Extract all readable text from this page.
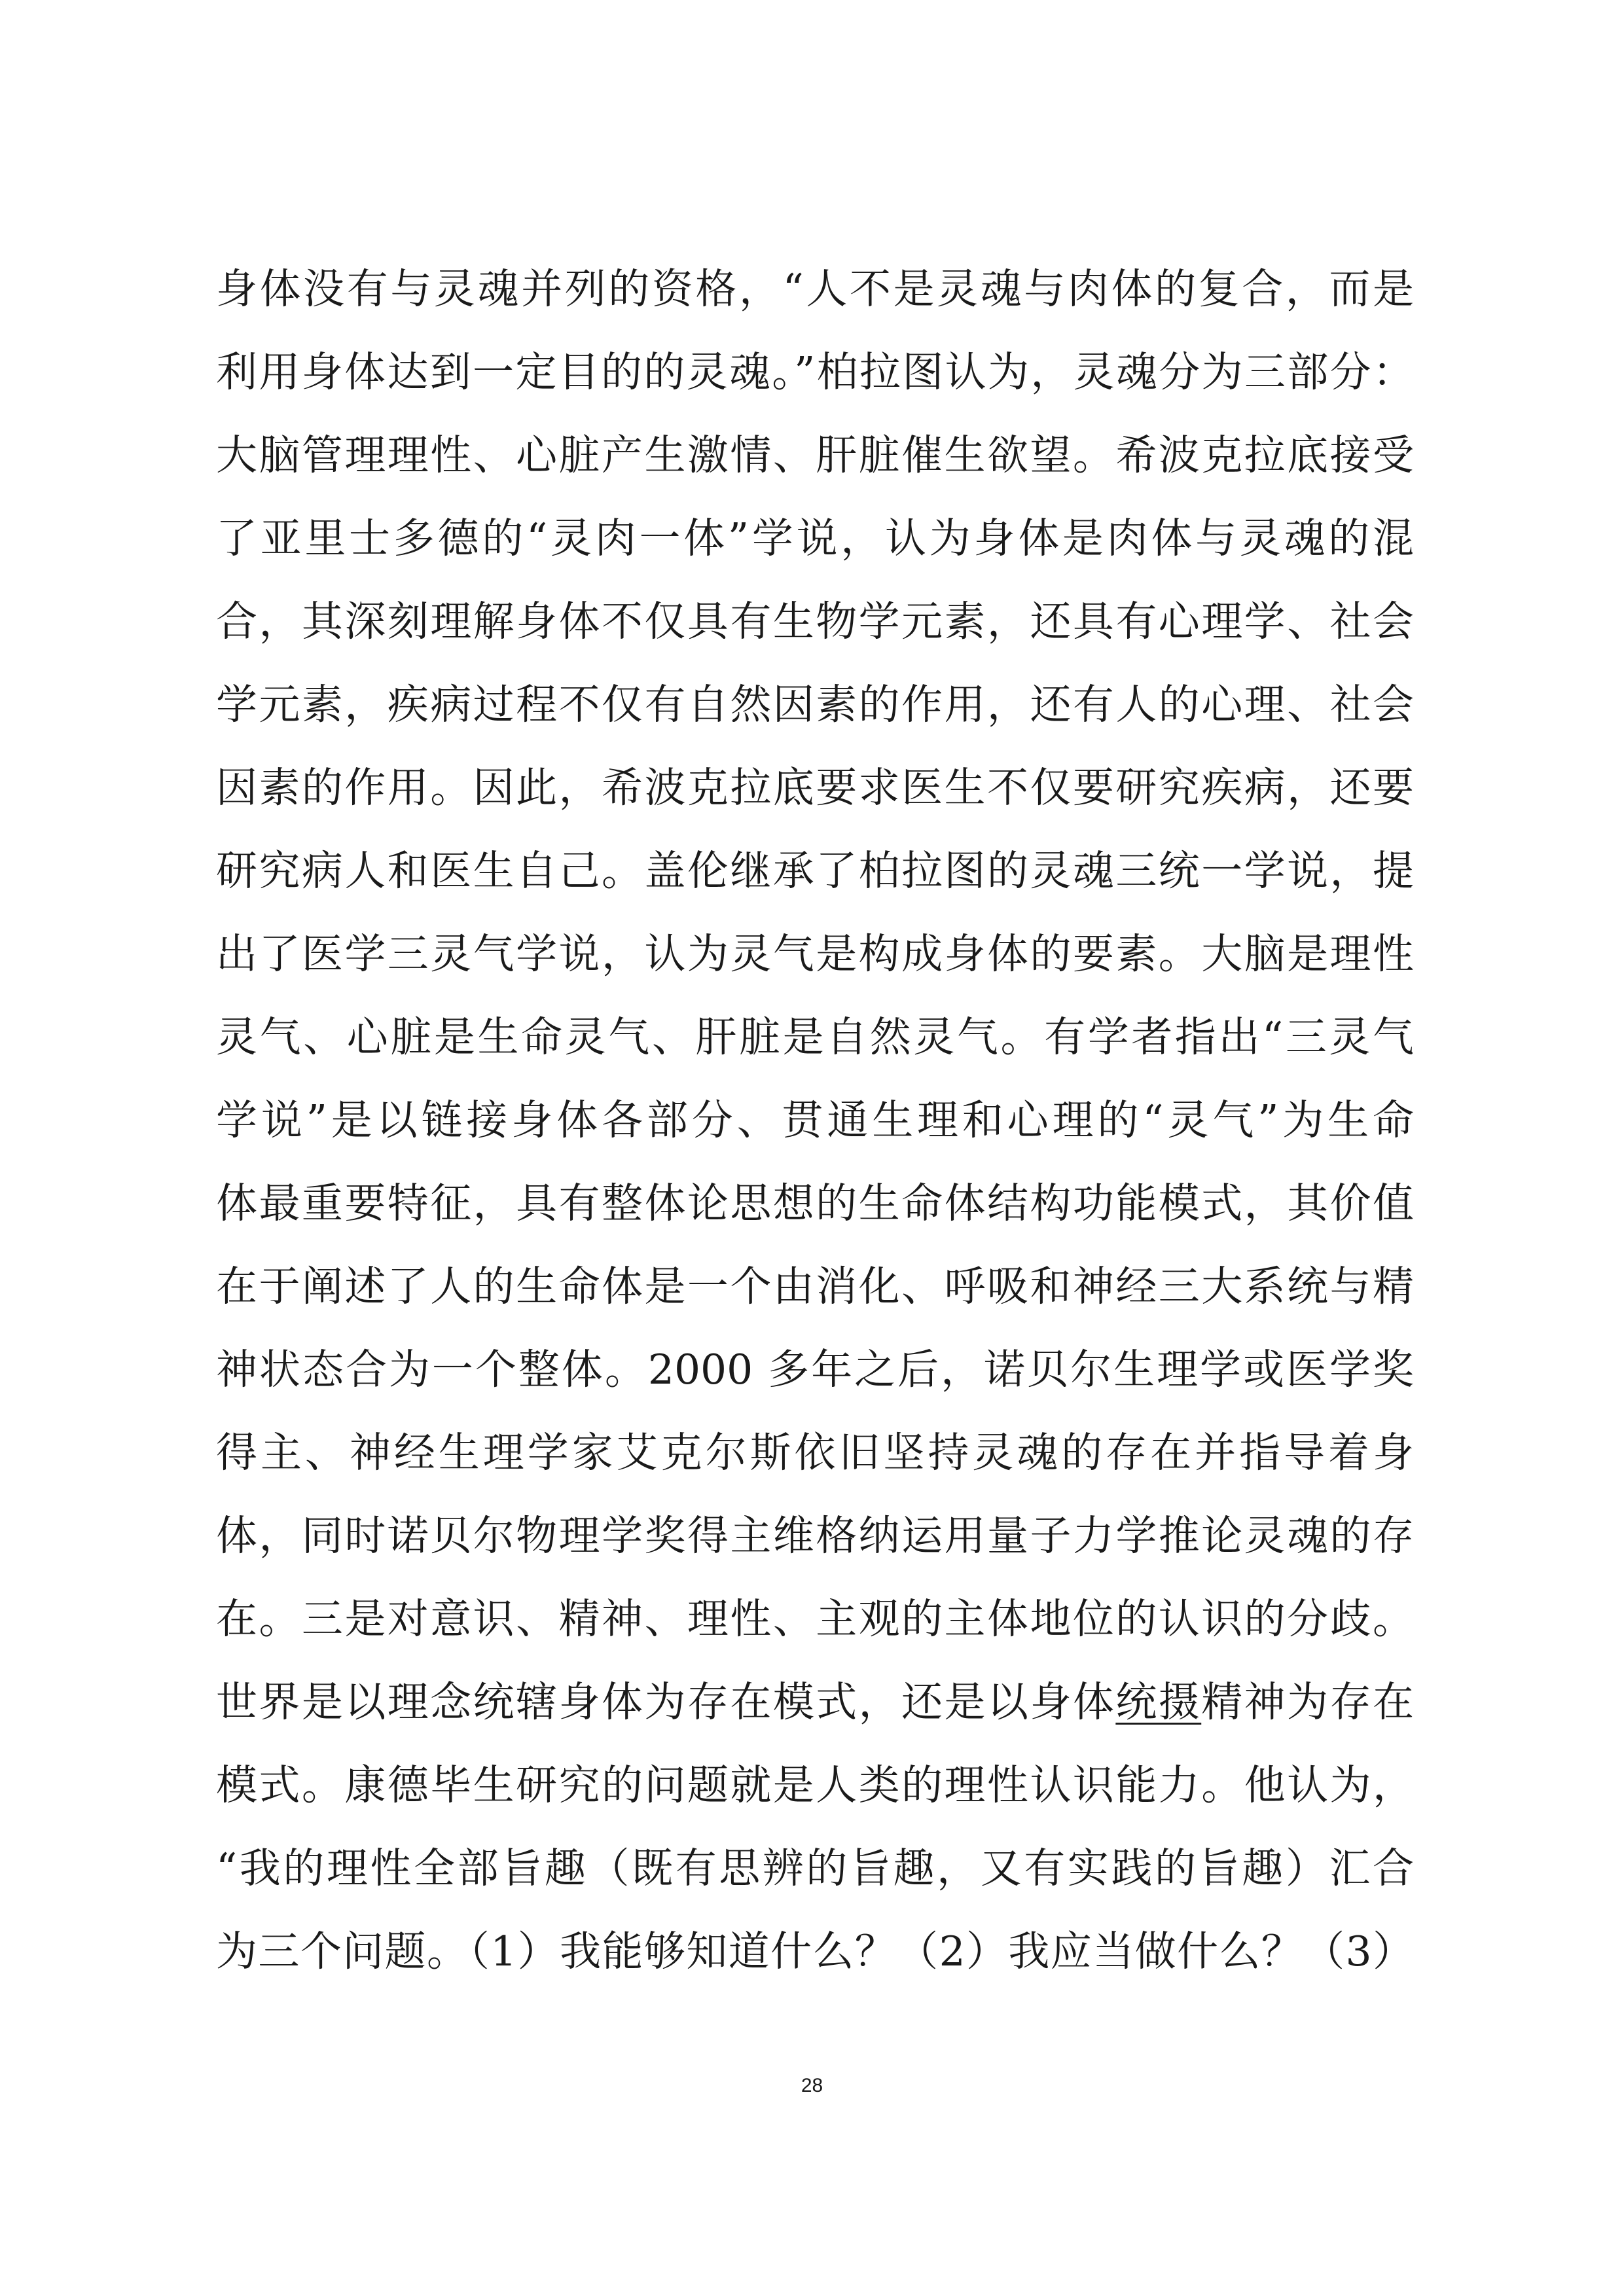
身体没有与灵魂并列的资格，“人不是灵魂与肉体的复合，而是
利用身体达到一定目的的灵魂。”柏拉图认为，灵魂分为三部分：
大脑管理理性、心脏产生激情、肝脏催生欲望。希波克拉底接受
了亚里士多德的“灵肉一体”学说，认为身体是肉体与灵魂的混
合，其深刻理解身体不仅具有生物学元素，还具有心理学、社会
学元素，疾病过程不仅有自然因素的作用，还有人的心理、社会
因素的作用。因此，希波克拉底要求医生不仅要研究疾病，还要
研究病人和医生自己。盖伦继承了柏拉图的灵魂三统一学说，提
出了医学三灵气学说，认为灵气是构成身体的要素。大脑是理性
灵气、心脏是生命灵气、肝脏是自然灵气。有学者指出“三灵气
学说”是以链接身体各部分、贯通生理和心理的“灵气”为生命
体最重要特征，具有整体论思想的生命体结构功能模式，其价值
在于阐述了人的生命体是一个由消化、呼吸和神经三大系统与精
神状态合为一个整体。2000 多年之后，诺贝尔生理学或医学奖
得主、神经生理学家艾克尔斯依旧坚持灵魂的存在并指导着身
体，同时诺贝尔物理学奖得主维格纳运用量子力学推论灵魂的存
在。三是对意识、精神、理性、主观的主体地位的认识的分歧。
世界是以理念统辖身体为存在模式，还是以身体统摄精神为存在
模式。康德毕生研究的问题就是人类的理性认识能力。他认为，
“我的理性全部旨趣（既有思辨的旨趣，又有实践的旨趣）汇合
为三个问题。（1）我能够知道什么？（2）我应当做什么？（3）
28
